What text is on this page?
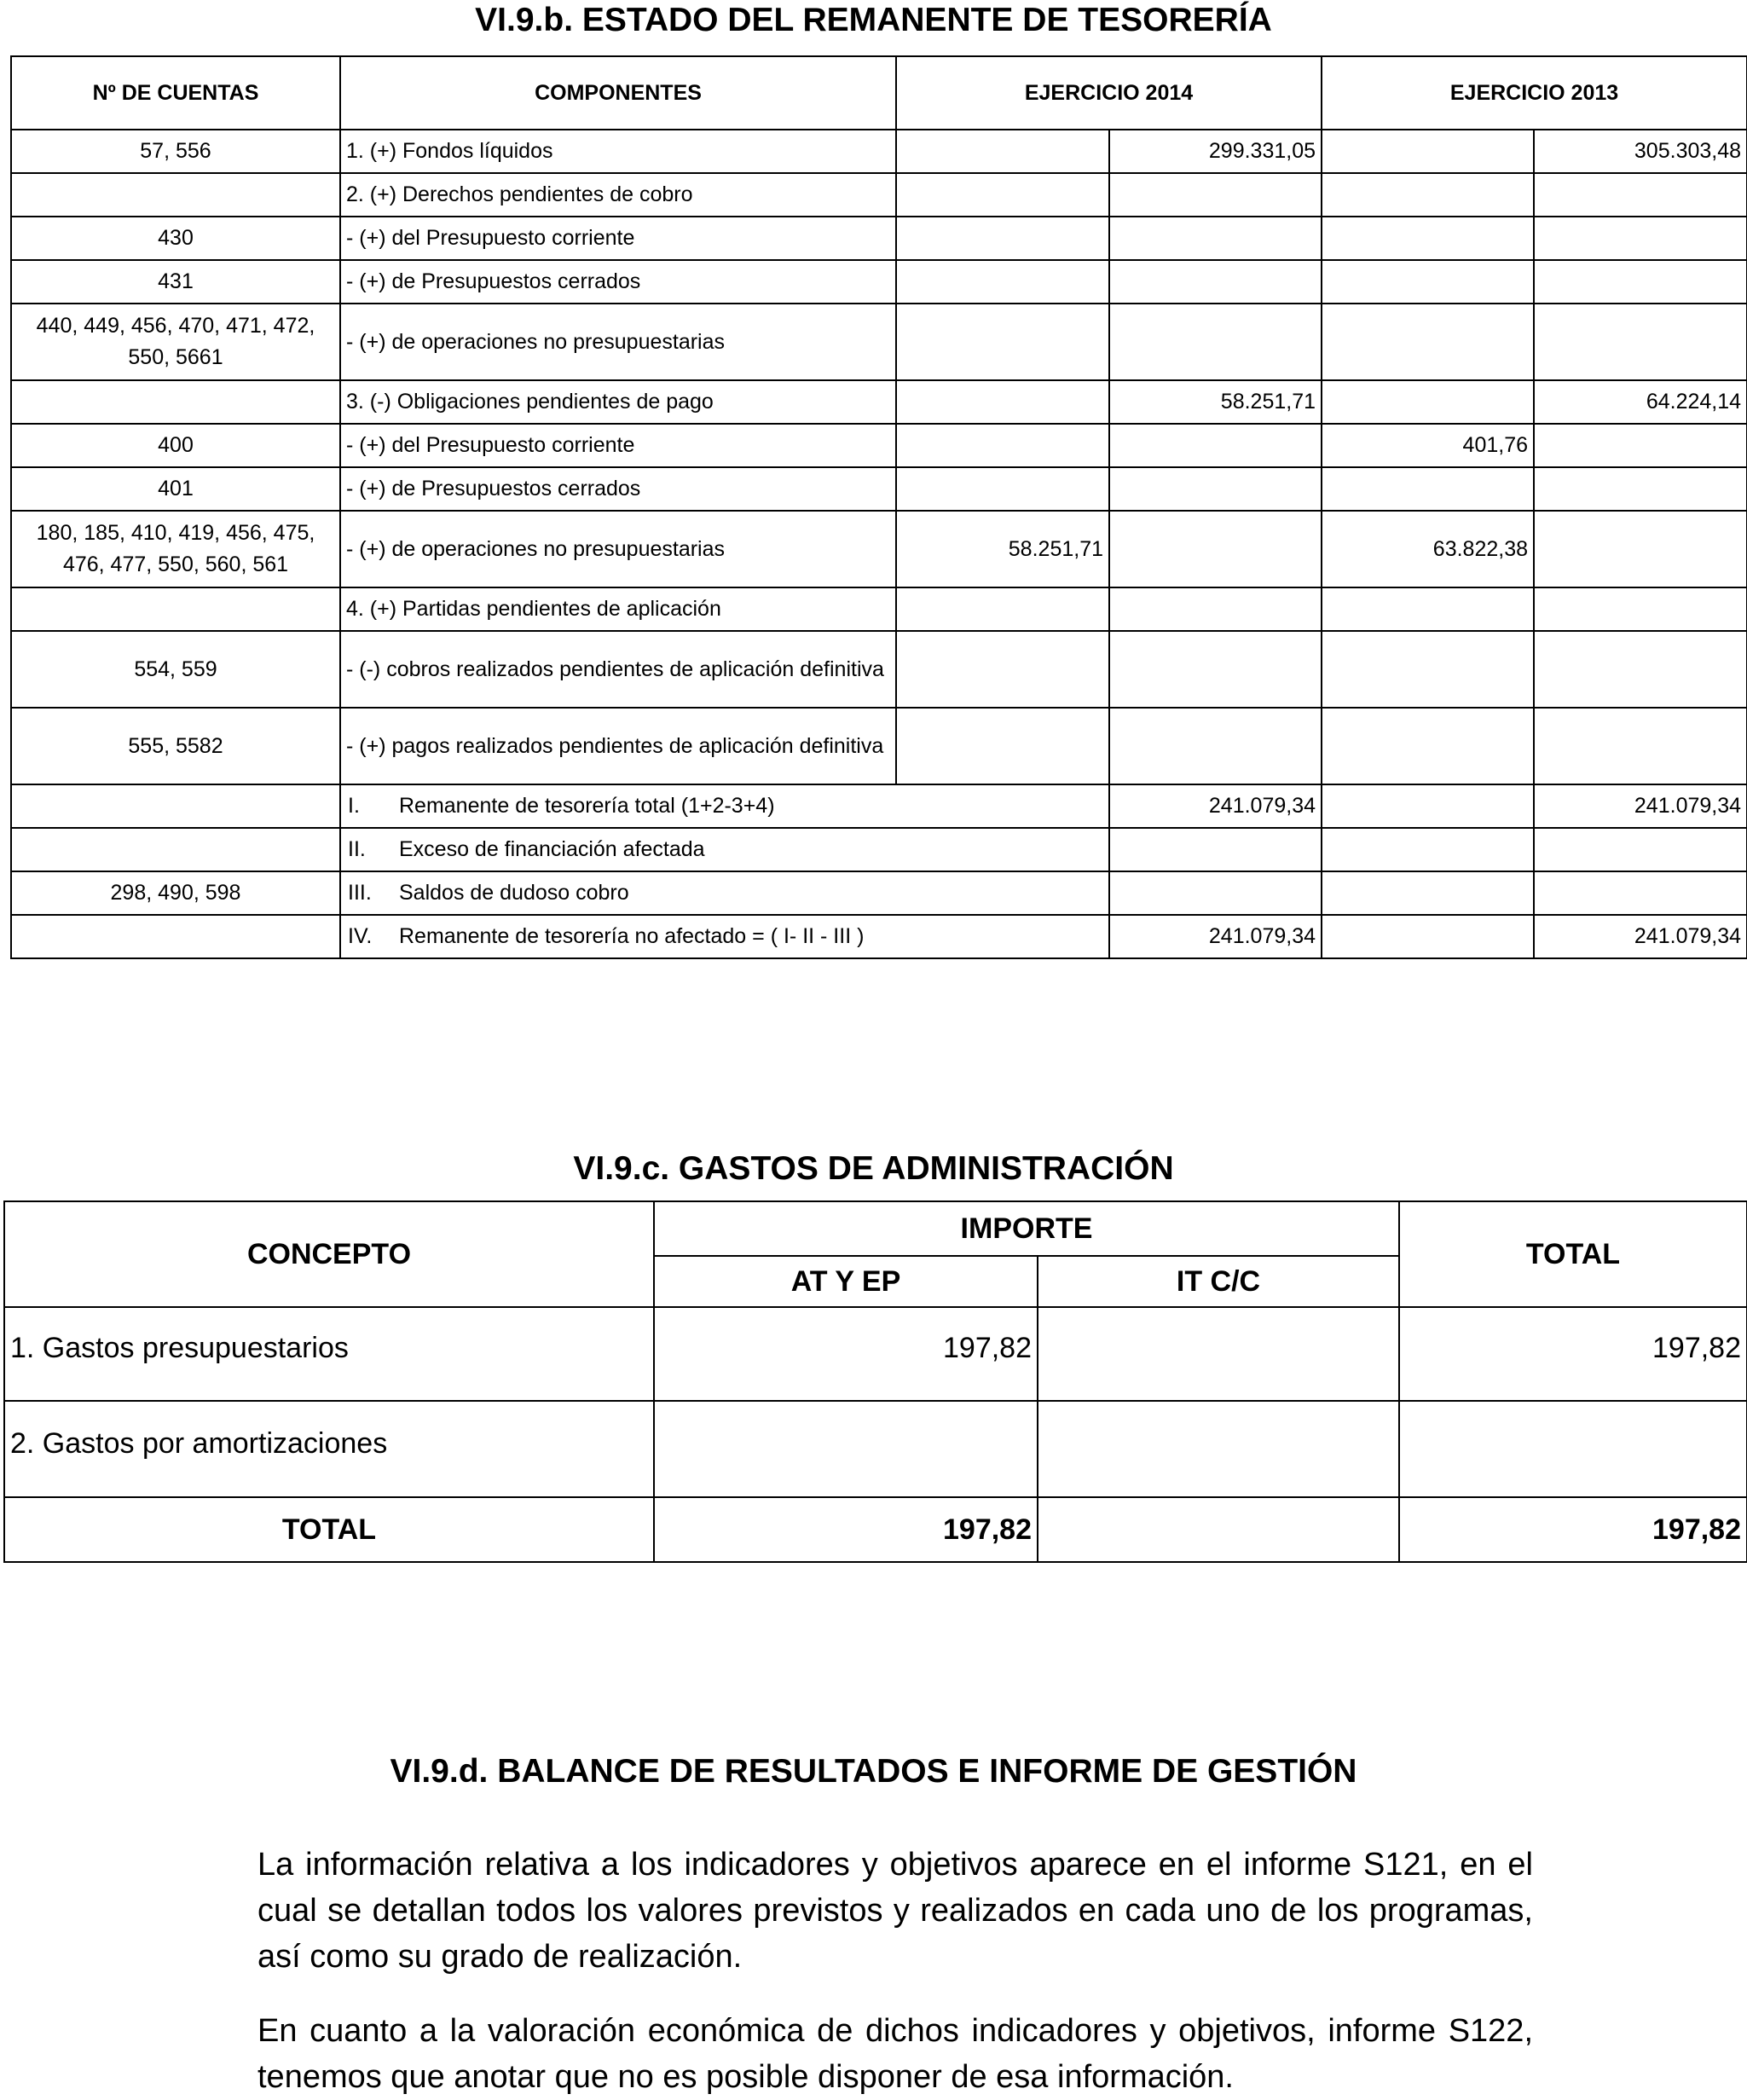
VI.9.b. ESTADO DEL REMANENTE DE TESORERÍA
Nº DE CUENTAS	COMPONENTES	EJERCICIO 2014		EJERCICIO 2013	
57, 556	1. (+) Fondos líquidos		299.331,05		305.303,48
	2. (+) Derechos pendientes de cobro				
430	- (+) del Presupuesto corriente				
431	- (+) de Presupuestos cerrados				
440, 449, 456, 470, 471, 472, 550, 5661	- (+) de operaciones no presupuestarias				
	3. (-) Obligaciones pendientes de pago		58.251,71		64.224,14
400	- (+) del Presupuesto corriente			401,76	
401	- (+) de Presupuestos cerrados				
180, 185, 410, 419, 456, 475, 476, 477, 550, 560, 561	- (+) de operaciones no presupuestarias	58.251,71		63.822,38	
	4. (+) Partidas pendientes de aplicación				
554, 559	- (-) cobros realizados pendientes de aplicación definitiva				
555, 5582	- (+) pagos realizados pendientes de aplicación definitiva				
	I. Remanente de tesorería total (1+2-3+4)		241.079,34		241.079,34
	II. Exceso de financiación afectada				
298, 490, 598	III. Saldos de dudoso cobro				
	IV. Remanente de tesorería no afectado = ( I- II - III )		241.079,34		241.079,34
VI.9.c. GASTOS DE ADMINISTRACIÓN
CONCEPTO	IMPORTE		TOTAL
	AT Y EP	IT C/C	
1. Gastos presupuestarios	197,82		197,82
2. Gastos por amortizaciones			
TOTAL	197,82		197,82
VI.9.d. BALANCE DE RESULTADOS E INFORME DE GESTIÓN

La información relativa a los indicadores y objetivos aparece en el informe S121, en el cual se detallan todos los valores previstos y realizados en cada uno de los programas, así como su grado de realización.

En cuanto a la valoración económica de dichos indicadores y objetivos, informe S122, tenemos que anotar que no es posible disponer de esa información.
